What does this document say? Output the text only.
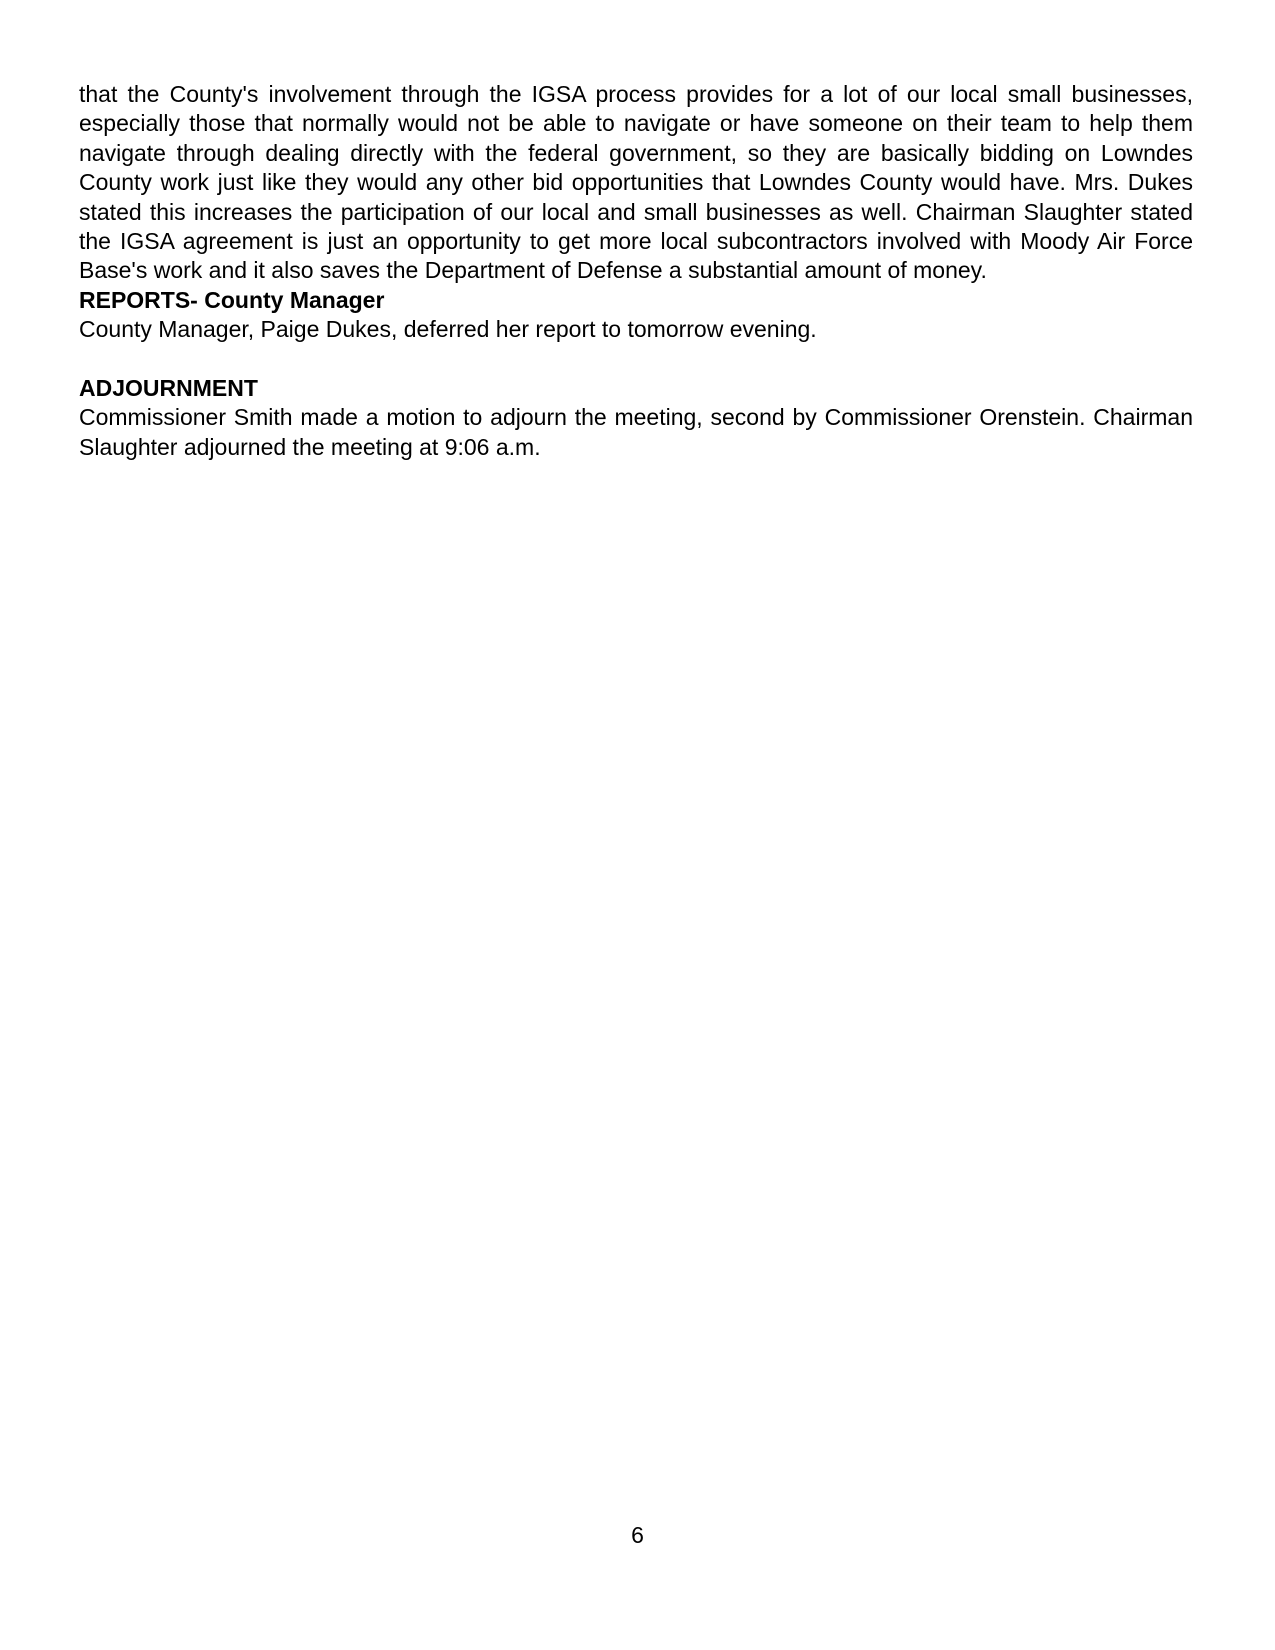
that the County's involvement through the IGSA process provides for a lot of our local small businesses, especially those that normally would not be able to navigate or have someone on their team to help them navigate through dealing directly with the federal government, so they are basically bidding on Lowndes County work just like they would any other bid opportunities that Lowndes County would have. Mrs. Dukes stated this increases the participation of our local and small businesses as well. Chairman Slaughter stated the IGSA agreement is just an opportunity to get more local subcontractors involved with Moody Air Force Base's work and it also saves the Department of Defense a substantial amount of money.

REPORTS- County Manager

County Manager, Paige Dukes, deferred her report to tomorrow evening.

ADJOURNMENT

Commissioner Smith made a motion to adjourn the meeting, second by Commissioner Orenstein. Chairman Slaughter adjourned the meeting at 9:06 a.m.

6
